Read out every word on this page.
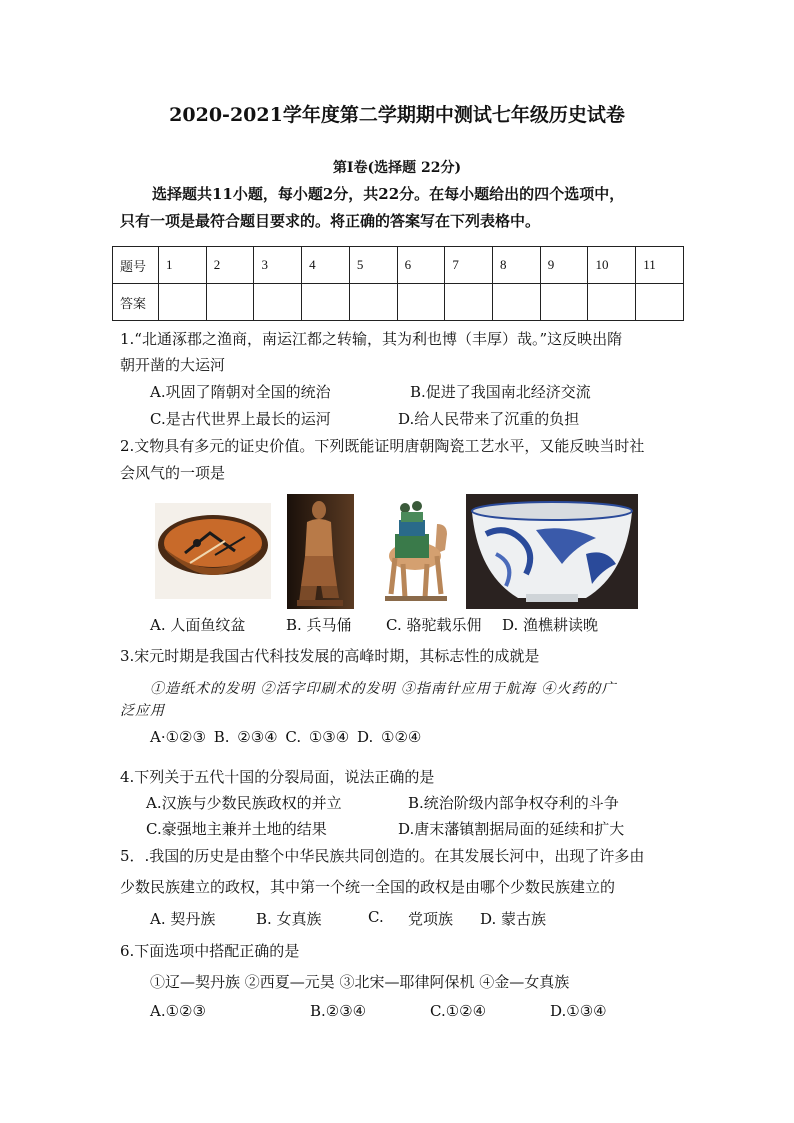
2020-2021学年度第二学期期中测试七年级历史试卷
第Ⅰ卷(选择题 22分)
选择题共11小题，每小题2分，共22分。在每小题给出的四个选项中，
只有一项是最符合题目要求的。将正确的答案写在下列表格中。
题号	1	2	3	4	5	6	7	8	9	10	11
答案											
1.“北通涿郡之渔商，南运江都之转输，其为利也博（丰厚）哉。”这反映出隋
朝开凿的大运河
A.巩固了隋朝对全国的统治	B.促进了我国南北经济交流
C.是古代世界上最长的运河	D.给人民带来了沉重的负担
2.文物具有多元的证史价值。下列既能证明唐朝陶瓷工艺水平，又能反映当时社
会风气的一项是
A. 人面鱼纹盆	B. 兵马俑 C. 骆驼载乐佣 D. 渔樵耕读晚
3.宋元时期是我国古代科技发展的高峰时期，其标志性的成就是
①造纸术的发明 ②活字印刷术的发明 ③指南针应用于航海 ④火药的广
泛应用
A·①②③ B. ②③④ C. ①③④ D. ①②④
4.下列关于五代十国的分裂局面，说法正确的是
A.汉族与少数民族政权的并立	B.统治阶级内部争权夺利的斗争
C.豪强地主兼并土地的结果	D.唐末藩镇割据局面的延续和扩大
5．.我国的历史是由整个中华民族共同创造的。在其发展长河中，出现了许多由
少数民族建立的政权，其中第一个统一全国的政权是由哪个少数民族建立的
A. 契丹族	B. 女真族	C. 党项族 D. 蒙古族
6.下面选项中搭配正确的是
①辽—契丹族 ②西夏—元昊 ③北宋—耶律阿保机 ④金—女真族
A.①②③	B.②③④	C.①②④	D.①③④
